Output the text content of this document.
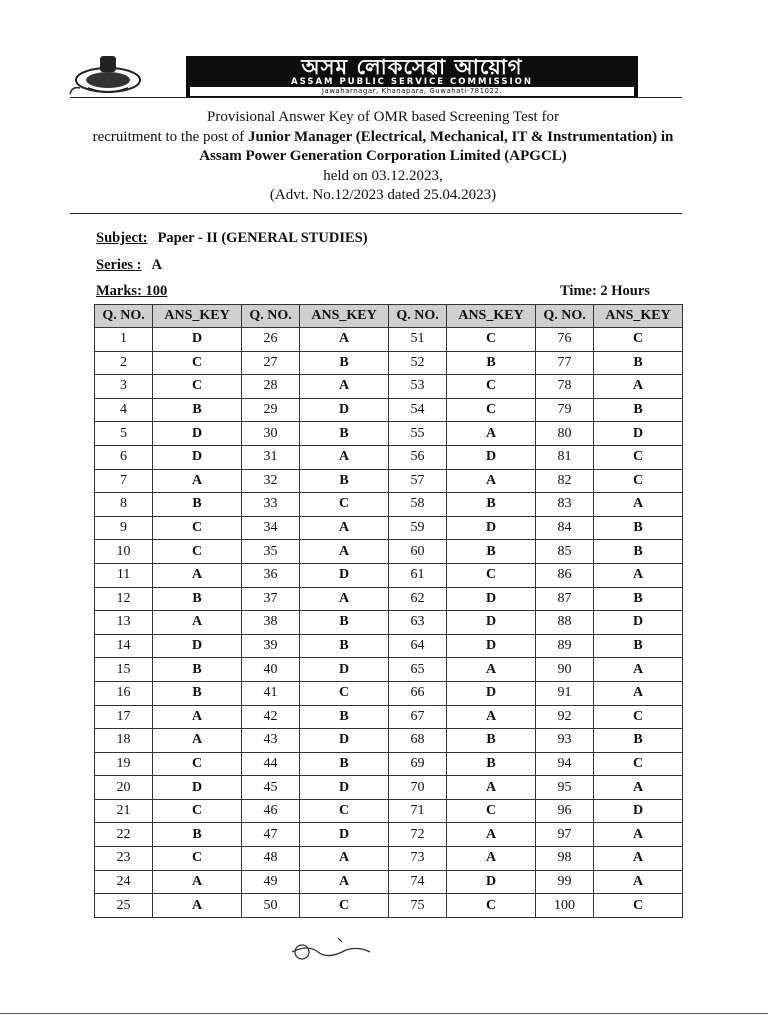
অসম লোকসেৱা আয়োগ
ASSAM PUBLIC SERVICE COMMISSION
Jawaharnagar, Khanapara, Guwahati-781022.
Provisional Answer Key of OMR based Screening Test for
recruitment to the post of Junior Manager (Electrical, Mechanical, IT & Instrumentation) in
Assam Power Generation Corporation Limited (APGCL)
held on 03.12.2023,
(Advt. No.12/2023 dated 25.04.2023)
Subject: Paper - II (GENERAL STUDIES)
Series : A
Marks: 100	Time: 2 Hours
Q. NO.	ANS_KEY	Q. NO.	ANS_KEY	Q. NO.	ANS_KEY	Q. NO.	ANS_KEY
1	D	26	A	51	C	76	C
2	C	27	B	52	B	77	B
3	C	28	A	53	C	78	A
4	B	29	D	54	C	79	B
5	D	30	B	55	A	80	D
6	D	31	A	56	D	81	C
7	A	32	B	57	A	82	C
8	B	33	C	58	B	83	A
9	C	34	A	59	D	84	B
10	C	35	A	60	B	85	B
11	A	36	D	61	C	86	A
12	B	37	A	62	D	87	B
13	A	38	B	63	D	88	D
14	D	39	B	64	D	89	B
15	B	40	D	65	A	90	A
16	B	41	C	66	D	91	A
17	A	42	B	67	A	92	C
18	A	43	D	68	B	93	B
19	C	44	B	69	B	94	C
20	D	45	D	70	A	95	A
21	C	46	C	71	C	96	D
22	B	47	D	72	A	97	A
23	C	48	A	73	A	98	A
24	A	49	A	74	D	99	A
25	A	50	C	75	C	100	C
